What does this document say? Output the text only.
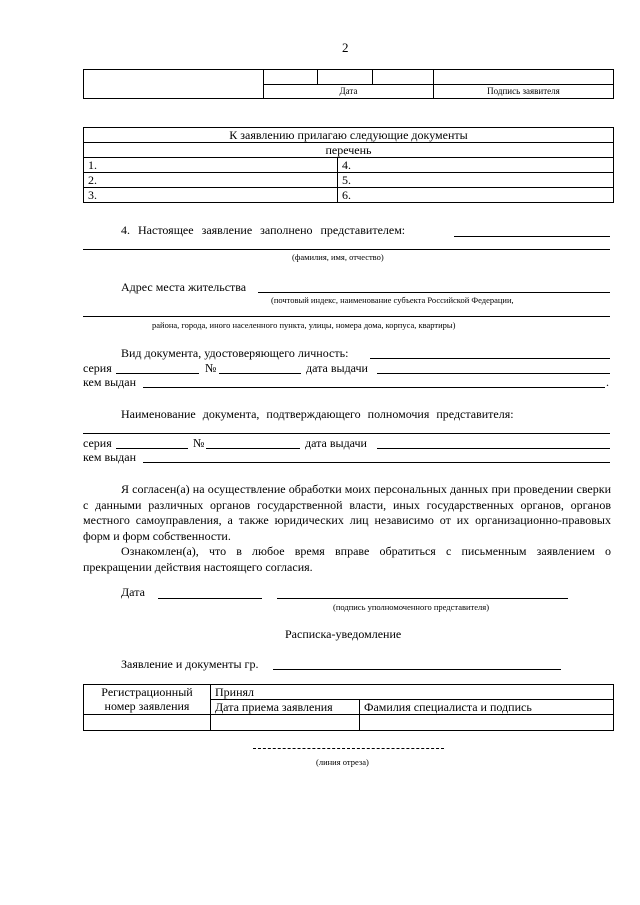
2

	Дата			Подпись заявителя
К заявлению прилагаю следующие документы	
перечень	
1.	4.
2.	5.
3.	6.
4. Настоящее заявление заполнено представителем:
(фамилия, имя, отчество)
Адрес места жительства
(почтовый индекс, наименование субъекта Российской Федерации,
района, города, иного населенного пункта, улицы, номера дома, корпуса, квартиры)
Вид документа, удостоверяющего личность:
серия	№	дата выдачи
кем выдан	.
Наименование документа, подтверждающего полномочия представителя:
серия	№	дата выдачи
кем выдан
Я согласен(а) на осуществление обработки моих персональных данных при проведении сверки с данными различных органов государственной власти, иных государственных органов, органов местного самоуправления, а также юридических лиц независимо от их организационно-правовых форм и форм собственности.
Ознакомлен(а), что в любое время вправе обратиться с письменным заявлением о прекращении действия настоящего согласия.
Дата
(подпись уполномоченного представителя)
Расписка-уведомление
Заявление и документы гр.
Регистрационный номер заявления	Принял	
	Дата приема заявления	Фамилия специалиста и подпись

(линия отреза)
